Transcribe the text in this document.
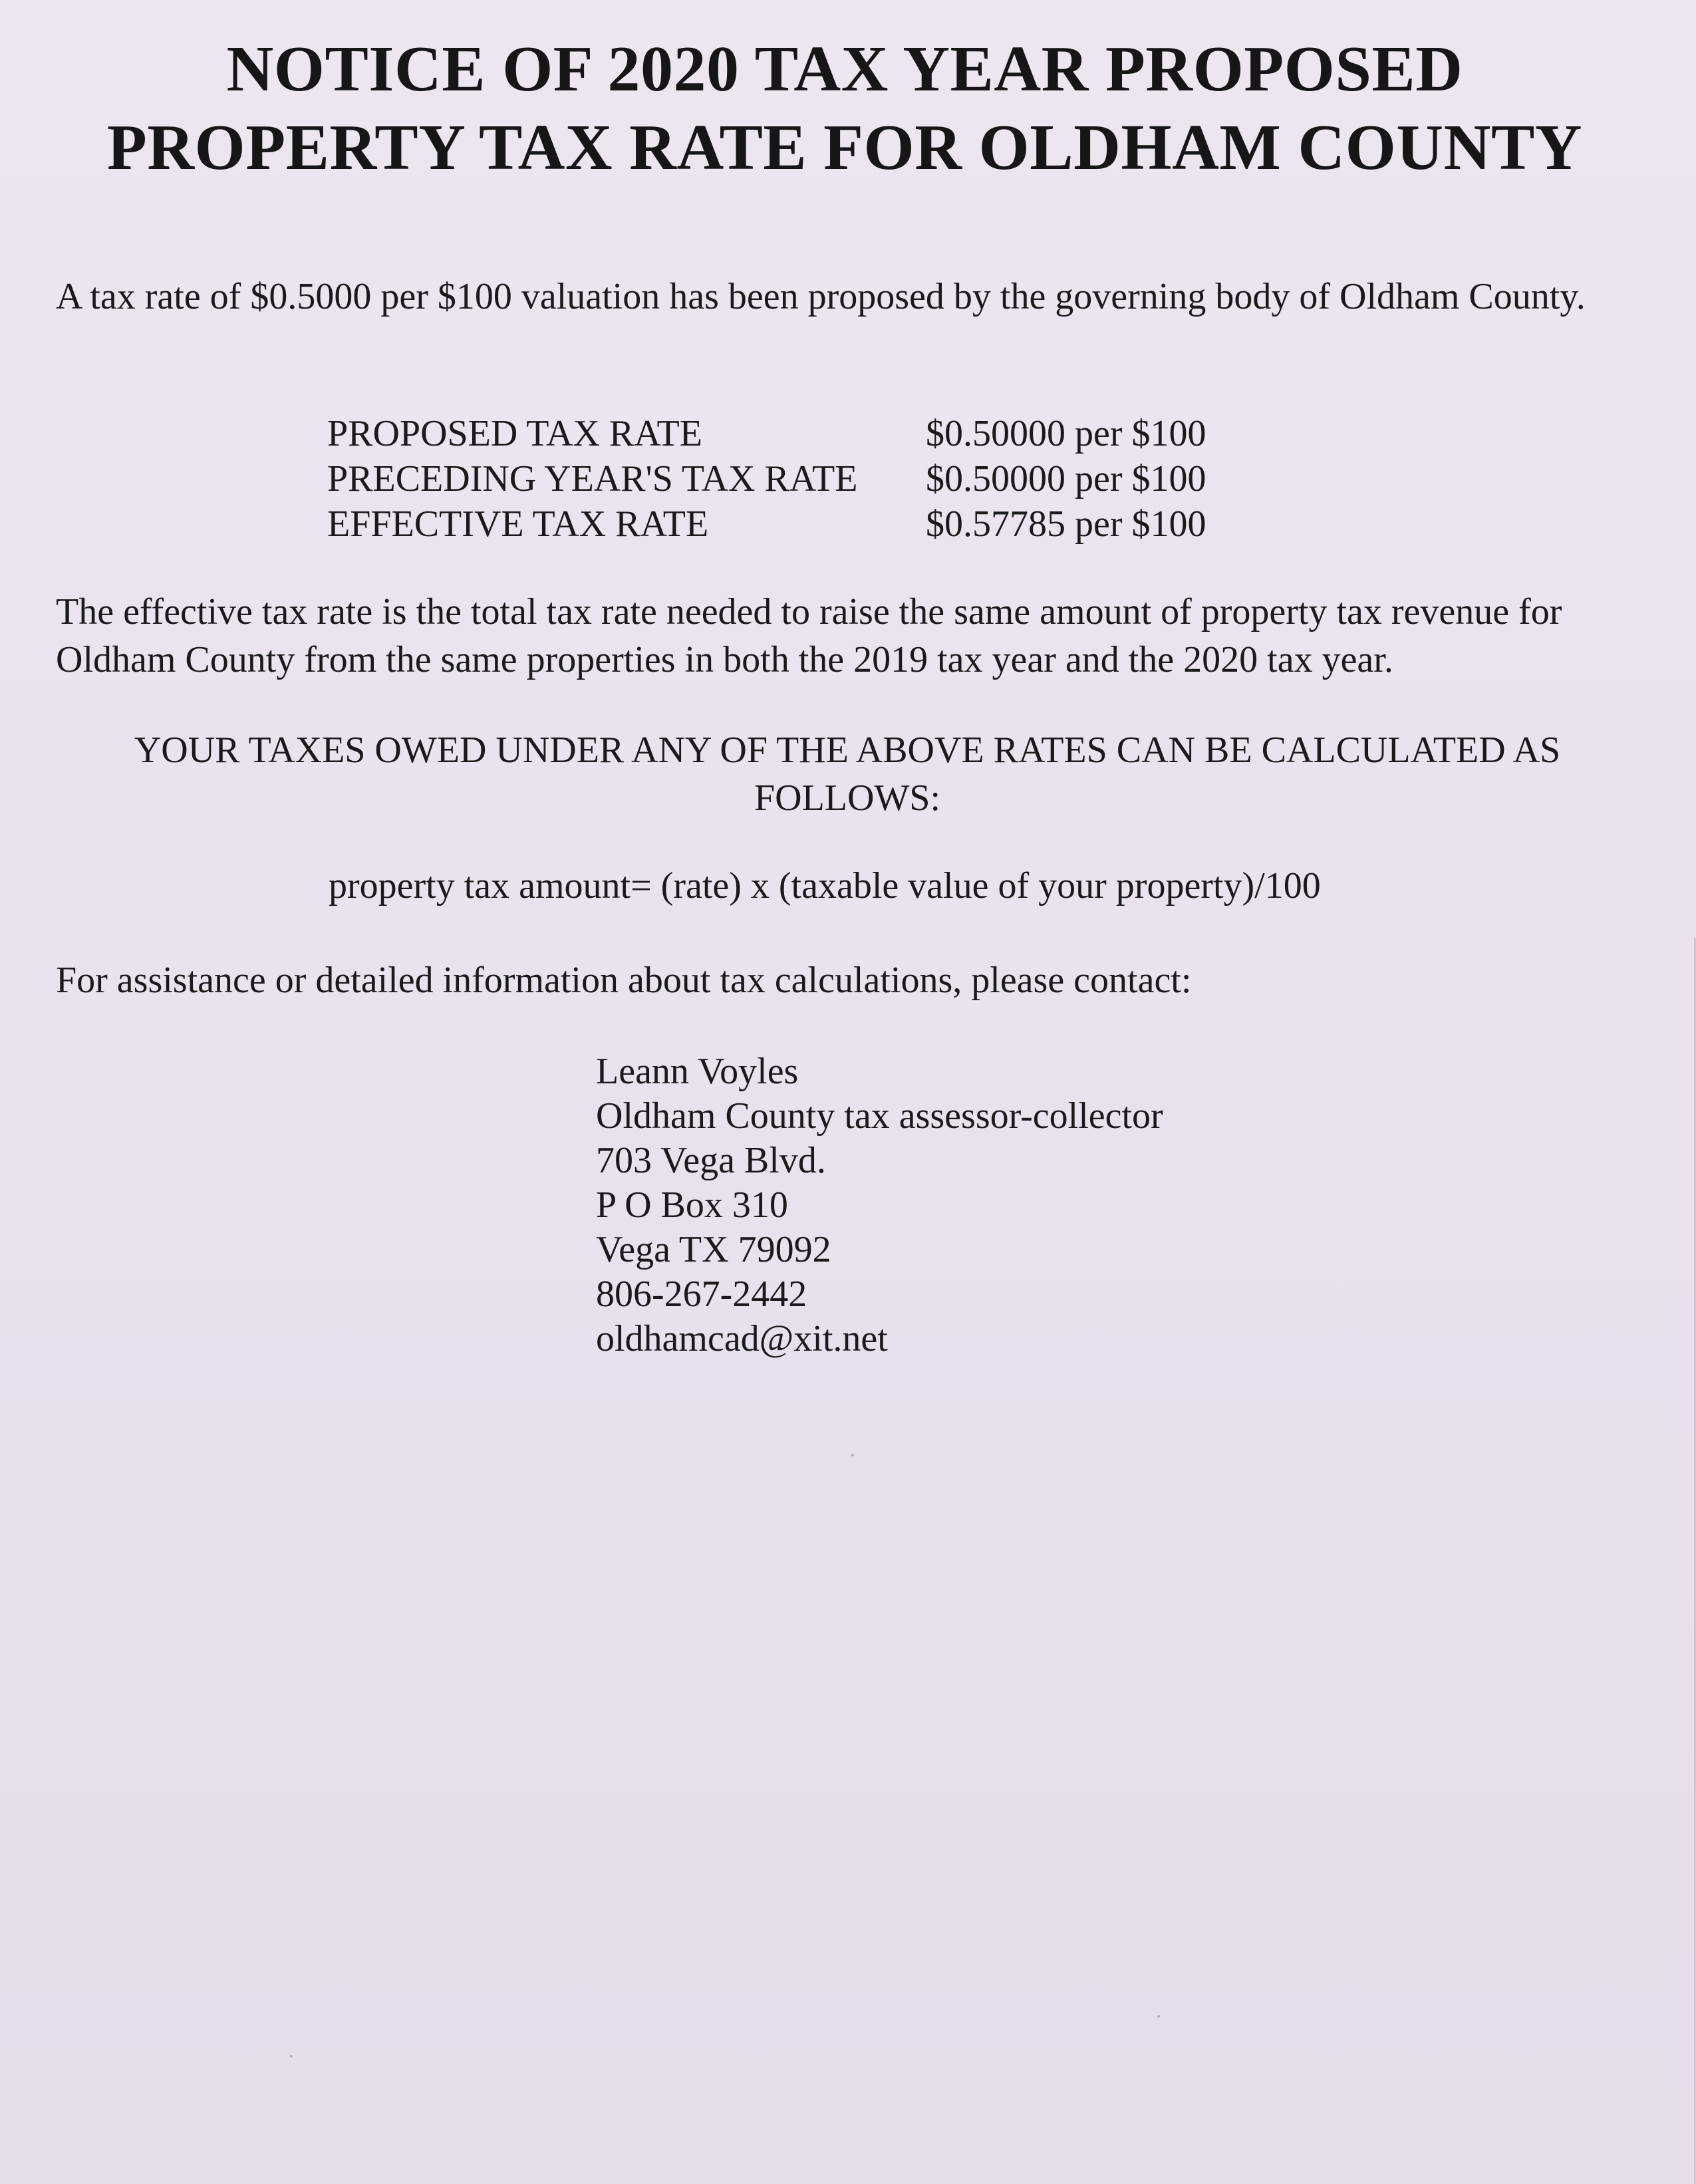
NOTICE OF 2020 TAX YEAR PROPOSED
PROPERTY TAX RATE FOR OLDHAM COUNTY
A tax rate of $0.5000 per $100 valuation has been proposed by the governing body of Oldham County.
PROPOSED TAX RATE	$0.50000 per $100
PRECEDING YEAR'S TAX RATE	$0.50000 per $100
EFFECTIVE TAX RATE	$0.57785 per $100
The effective tax rate is the total tax rate needed to raise the same amount of property tax revenue for Oldham County from the same properties in both the 2019 tax year and the 2020 tax year.
YOUR TAXES OWED UNDER ANY OF THE ABOVE RATES CAN BE CALCULATED AS
FOLLOWS:
property tax amount= (rate) x (taxable value of your property)/100
For assistance or detailed information about tax calculations, please contact:
Leann Voyles
Oldham County tax assessor-collector
703 Vega Blvd.
P O Box 310
Vega TX 79092
806-267-2442
oldhamcad@xit.net
